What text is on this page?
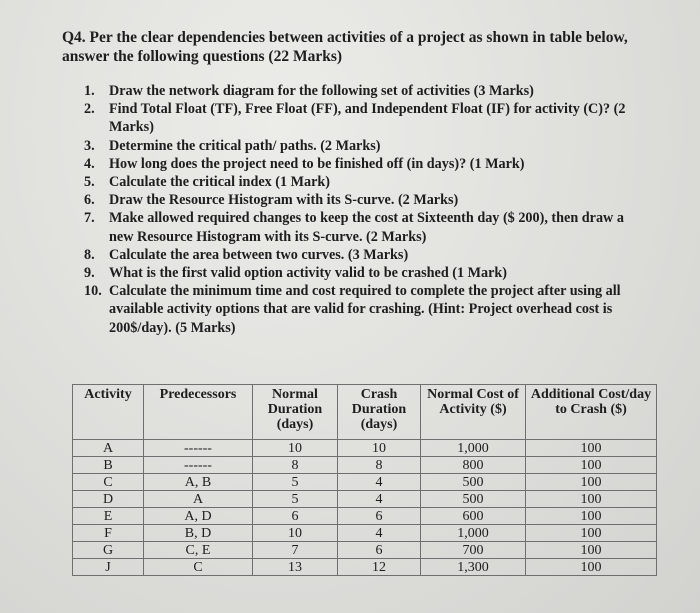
Q4. Per the clear dependencies between activities of a project as shown in table below, answer the following questions (22 Marks)
1.	Draw the network diagram for the following set of activities (3 Marks)
2.	Find Total Float (TF), Free Float (FF), and Independent Float (IF) for activity (C)? (2 Marks)
3.	Determine the critical path/ paths. (2 Marks)
4.	How long does the project need to be finished off (in days)? (1 Mark)
5.	Calculate the critical index (1 Mark)
6.	Draw the Resource Histogram with its S-curve. (2 Marks)
7.	Make allowed required changes to keep the cost at Sixteenth day ($ 200), then draw a new Resource Histogram with its S-curve. (2 Marks)
8.	Calculate the area between two curves. (3 Marks)
9.	What is the first valid option activity valid to be crashed (1 Mark)
10. Calculate the minimum time and cost required to complete the project after using all available activity options that are valid for crashing. (Hint: Project overhead cost is 200$/day). (5 Marks)
Activity	Predecessors	Normal Duration (days)	Crash Duration (days)	Normal Cost of Activity ($)	Additional Cost/day to Crash ($)
A	------	10	10	1,000	100
B	------	8	8	800	100
C	A, B	5	4	500	100
D	A	5	4	500	100
E	A, D	6	6	600	100
F	B, D	10	4	1,000	100
G	C, E	7	6	700	100
J	C	13	12	1,300	100
